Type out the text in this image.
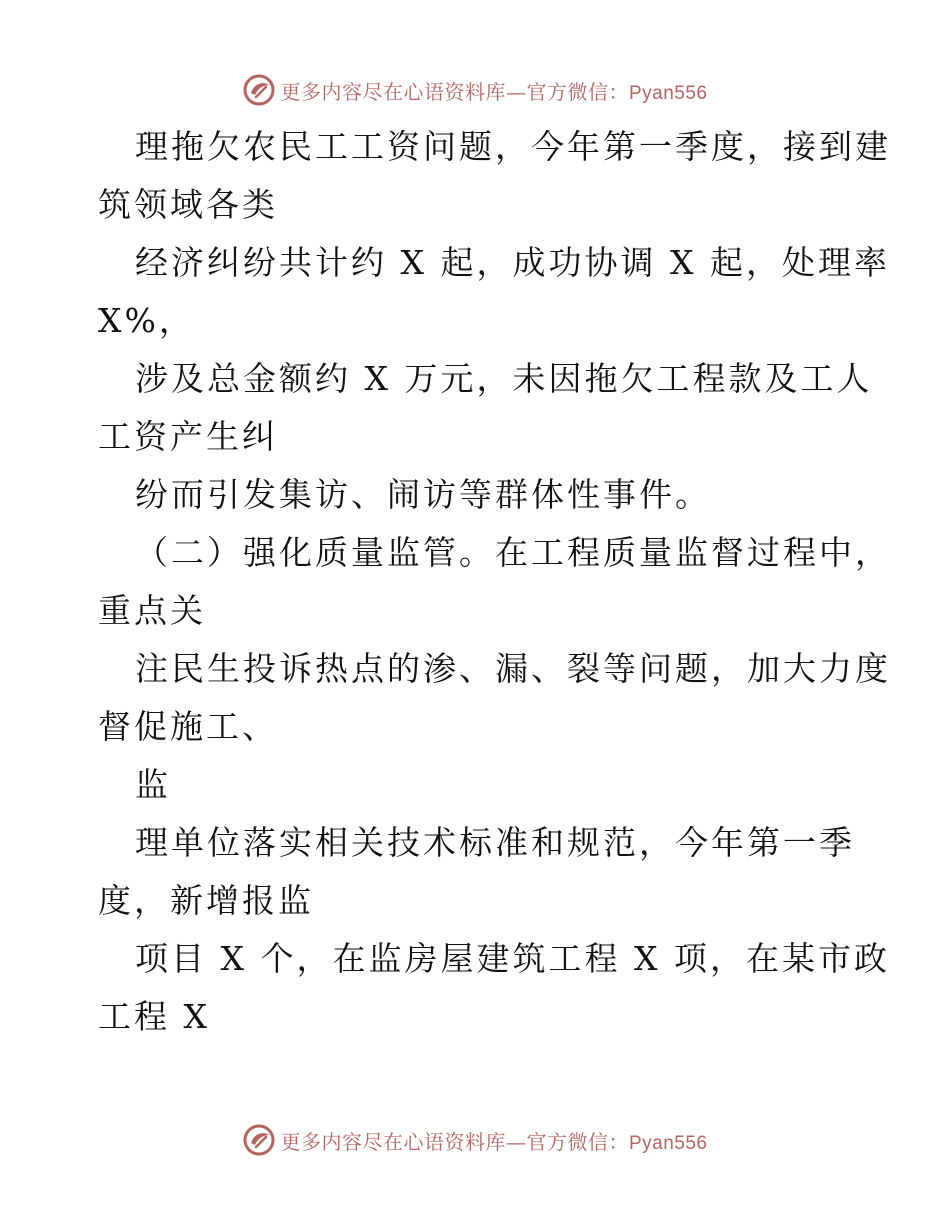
更多内容尽在心语资料库—官方微信：Pyan556
理拖欠农民工工资问题，今年第一季度，接到建
筑领域各类
经济纠纷共计约 X 起，成功协调 X 起，处理率
X%，
涉及总金额约 X 万元，未因拖欠工程款及工人
工资产生纠
纷而引发集访、闹访等群体性事件。
（二）强化质量监管。在工程质量监督过程中，
重点关
注民生投诉热点的渗、漏、裂等问题，加大力度
督促施工、
监
理单位落实相关技术标准和规范，今年第一季
度，新增报监
项目 X 个，在监房屋建筑工程 X 项，在某市政
工程 X
更多内容尽在心语资料库—官方微信：Pyan556
